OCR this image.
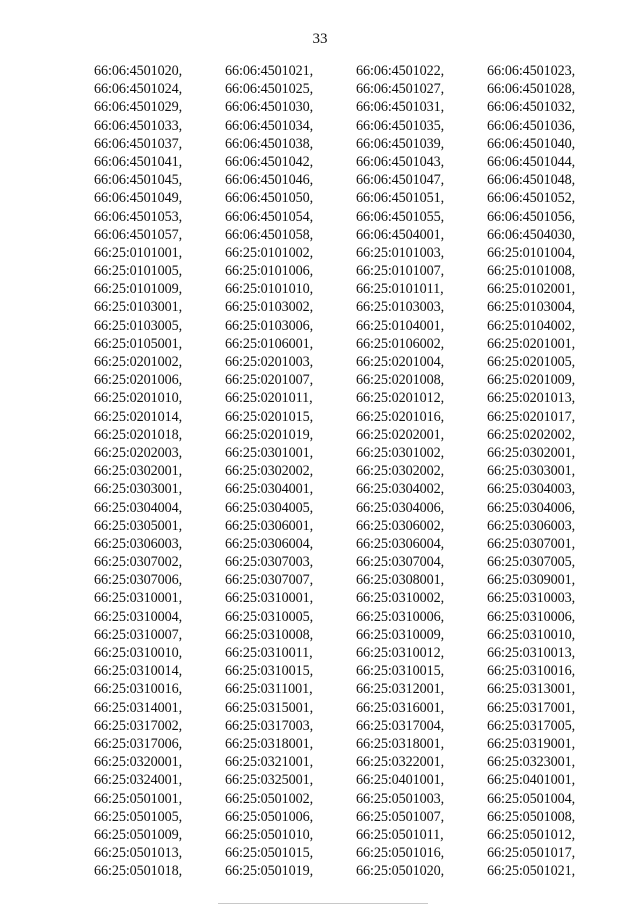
33
66:06:4501020,	66:06:4501021,	66:06:4501022,	66:06:4501023,
66:06:4501024,	66:06:4501025,	66:06:4501027,	66:06:4501028,
66:06:4501029,	66:06:4501030,	66:06:4501031,	66:06:4501032,
66:06:4501033,	66:06:4501034,	66:06:4501035,	66:06:4501036,
66:06:4501037,	66:06:4501038,	66:06:4501039,	66:06:4501040,
66:06:4501041,	66:06:4501042,	66:06:4501043,	66:06:4501044,
66:06:4501045,	66:06:4501046,	66:06:4501047,	66:06:4501048,
66:06:4501049,	66:06:4501050,	66:06:4501051,	66:06:4501052,
66:06:4501053,	66:06:4501054,	66:06:4501055,	66:06:4501056,
66:06:4501057,	66:06:4501058,	66:06:4504001,	66:06:4504030,
66:25:0101001,	66:25:0101002,	66:25:0101003,	66:25:0101004,
66:25:0101005,	66:25:0101006,	66:25:0101007,	66:25:0101008,
66:25:0101009,	66:25:0101010,	66:25:0101011,	66:25:0102001,
66:25:0103001,	66:25:0103002,	66:25:0103003,	66:25:0103004,
66:25:0103005,	66:25:0103006,	66:25:0104001,	66:25:0104002,
66:25:0105001,	66:25:0106001,	66:25:0106002,	66:25:0201001,
66:25:0201002,	66:25:0201003,	66:25:0201004,	66:25:0201005,
66:25:0201006,	66:25:0201007,	66:25:0201008,	66:25:0201009,
66:25:0201010,	66:25:0201011,	66:25:0201012,	66:25:0201013,
66:25:0201014,	66:25:0201015,	66:25:0201016,	66:25:0201017,
66:25:0201018,	66:25:0201019,	66:25:0202001,	66:25:0202002,
66:25:0202003,	66:25:0301001,	66:25:0301002,	66:25:0302001,
66:25:0302001,	66:25:0302002,	66:25:0302002,	66:25:0303001,
66:25:0303001,	66:25:0304001,	66:25:0304002,	66:25:0304003,
66:25:0304004,	66:25:0304005,	66:25:0304006,	66:25:0304006,
66:25:0305001,	66:25:0306001,	66:25:0306002,	66:25:0306003,
66:25:0306003,	66:25:0306004,	66:25:0306004,	66:25:0307001,
66:25:0307002,	66:25:0307003,	66:25:0307004,	66:25:0307005,
66:25:0307006,	66:25:0307007,	66:25:0308001,	66:25:0309001,
66:25:0310001,	66:25:0310001,	66:25:0310002,	66:25:0310003,
66:25:0310004,	66:25:0310005,	66:25:0310006,	66:25:0310006,
66:25:0310007,	66:25:0310008,	66:25:0310009,	66:25:0310010,
66:25:0310010,	66:25:0310011,	66:25:0310012,	66:25:0310013,
66:25:0310014,	66:25:0310015,	66:25:0310015,	66:25:0310016,
66:25:0310016,	66:25:0311001,	66:25:0312001,	66:25:0313001,
66:25:0314001,	66:25:0315001,	66:25:0316001,	66:25:0317001,
66:25:0317002,	66:25:0317003,	66:25:0317004,	66:25:0317005,
66:25:0317006,	66:25:0318001,	66:25:0318001,	66:25:0319001,
66:25:0320001,	66:25:0321001,	66:25:0322001,	66:25:0323001,
66:25:0324001,	66:25:0325001,	66:25:0401001,	66:25:0401001,
66:25:0501001,	66:25:0501002,	66:25:0501003,	66:25:0501004,
66:25:0501005,	66:25:0501006,	66:25:0501007,	66:25:0501008,
66:25:0501009,	66:25:0501010,	66:25:0501011,	66:25:0501012,
66:25:0501013,	66:25:0501015,	66:25:0501016,	66:25:0501017,
66:25:0501018,	66:25:0501019,	66:25:0501020,	66:25:0501021,
